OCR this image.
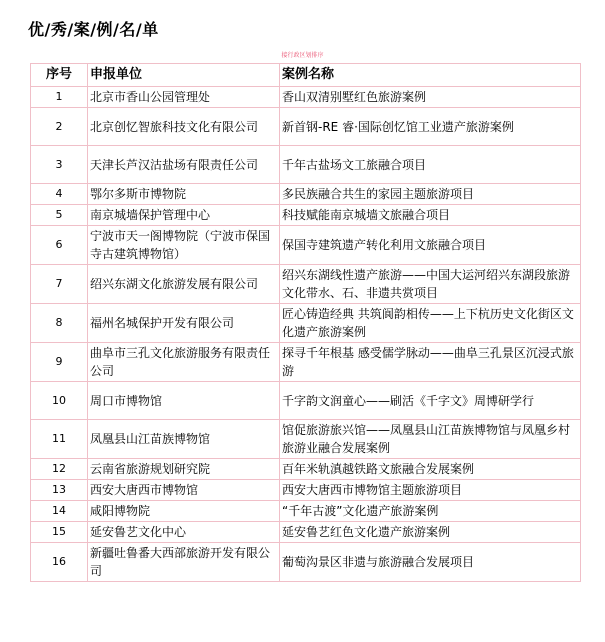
优/秀/案/例/名/单
接行政区划排序
序号	申报单位	案例名称
1	北京市香山公园管理处	香山双清别墅红色旅游案例
2	北京创忆智旅科技文化有限公司	新首钢-RE 睿·国际创忆馆工业遗产旅游案例
3	天津长芦汉沽盐场有限责任公司	千年古盐场文工旅融合项目
4	鄂尔多斯市博物院	多民族融合共生的家园主题旅游项目
5	南京城墙保护管理中心	科技赋能南京城墙文旅融合项目
6	宁波市天一阁博物院（宁波市保国寺古建筑博物馆）	保国寺建筑遗产转化利用文旅融合项目
7	绍兴东湖文化旅游发展有限公司	绍兴东湖线性遗产旅游——中国大运河绍兴东湖段旅游文化带水、石、非遗共赏项目
8	福州名城保护开发有限公司	匠心铸造经典 共筑阆韵相传——上下杭历史文化街区文化遗产旅游案例
9	曲阜市三孔文化旅游服务有限责任公司	探寻千年根基 感受儒学脉动——曲阜三孔景区沉浸式旅游
10	周口市博物馆	千字韵文润童心——刷活《千字文》周博研学行
11	凤凰县山江苗族博物馆	馆促旅游旅兴馆——凤凰县山江苗族博物馆与凤凰乡村旅游业融合发展案例
12	云南省旅游规划研究院	百年米轨滇越铁路文旅融合发展案例
13	西安大唐西市博物馆	西安大唐西市博物馆主题旅游项目
14	咸阳博物院	“千年古渡”文化遗产旅游案例
15	延安鲁艺文化中心	延安鲁艺红色文化遗产旅游案例
16	新疆吐鲁番大西部旅游开发有限公司	葡萄沟景区非遗与旅游融合发展项目
